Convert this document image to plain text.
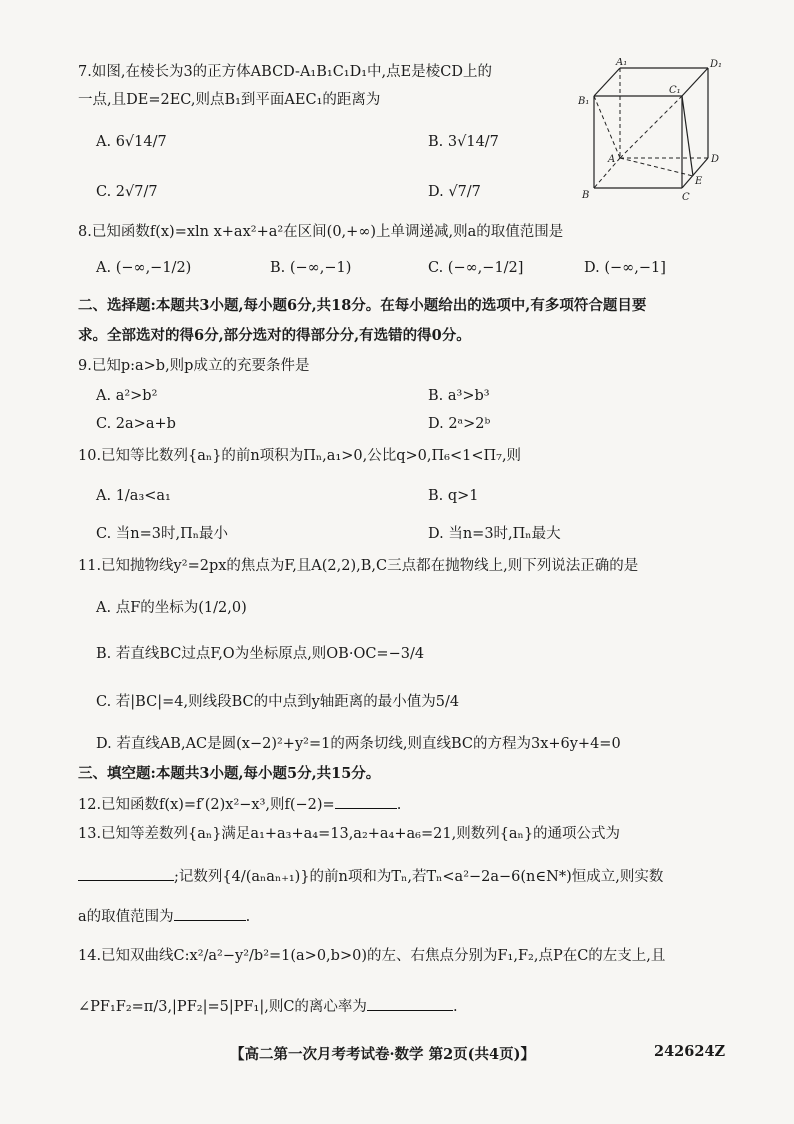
7.如图,在棱长为3的正方体ABCD-A₁B₁C₁D₁中,点E是棱CD上的
一点,且DE=2EC,则点B₁到平面AEC₁的距离为
A. 6√14/7	B. 3√14/7
C. 2√7/7	D. √7/7
A₁	D₁
B₁
C₁
A	D
B
E
C
8.已知函数f(x)=xln x+ax²+a²在区间(0,+∞)上单调递减,则a的取值范围是
A. (−∞,−1/2)	B. (−∞,−1)	C. (−∞,−1/2]	D. (−∞,−1]
二、选择题:本题共3小题,每小题6分,共18分。在每小题给出的选项中,有多项符合题目要
求。全部选对的得6分,部分选对的得部分分,有选错的得0分。
9.已知p:a>b,则p成立的充要条件是
A. a²>b²	B. a³>b³
C. 2a>a+b	D. 2ᵃ>2ᵇ
10.已知等比数列{aₙ}的前n项积为Πₙ,a₁>0,公比q>0,Π₆<1<Π₇,则
A. 1/a₃<a₁	B. q>1
C. 当n=3时,Πₙ最小	D. 当n=3时,Πₙ最大
11.已知抛物线y²=2px的焦点为F,且A(2,2),B,C三点都在抛物线上,则下列说法正确的是
A. 点F的坐标为(1/2,0)
B. 若直线BC过点F,O为坐标原点,则OB·OC=−3/4
C. 若|BC|=4,则线段BC的中点到y轴距离的最小值为5/4
D. 若直线AB,AC是圆(x−2)²+y²=1的两条切线,则直线BC的方程为3x+6y+4=0
三、填空题:本题共3小题,每小题5分,共15分。
12.已知函数f(x)=f′(2)x²−x³,则f(−2)=	.
13.已知等差数列{aₙ}满足a₁+a₃+a₄=13,a₂+a₄+a₆=21,则数列{aₙ}的通项公式为
;记数列{4/(aₙaₙ₊₁)}的前n项和为Tₙ,若Tₙ<a²−2a−6(n∈N*)恒成立,则实数
a的取值范围为	.
14.已知双曲线C:x²/a²−y²/b²=1(a>0,b>0)的左、右焦点分别为F₁,F₂,点P在C的左支上,且
∠PF₁F₂=π/3,|PF₂|=5|PF₁|,则C的离心率为	.
【高二第一次月考考试卷·数学 第2页(共4页)】	242624Z
